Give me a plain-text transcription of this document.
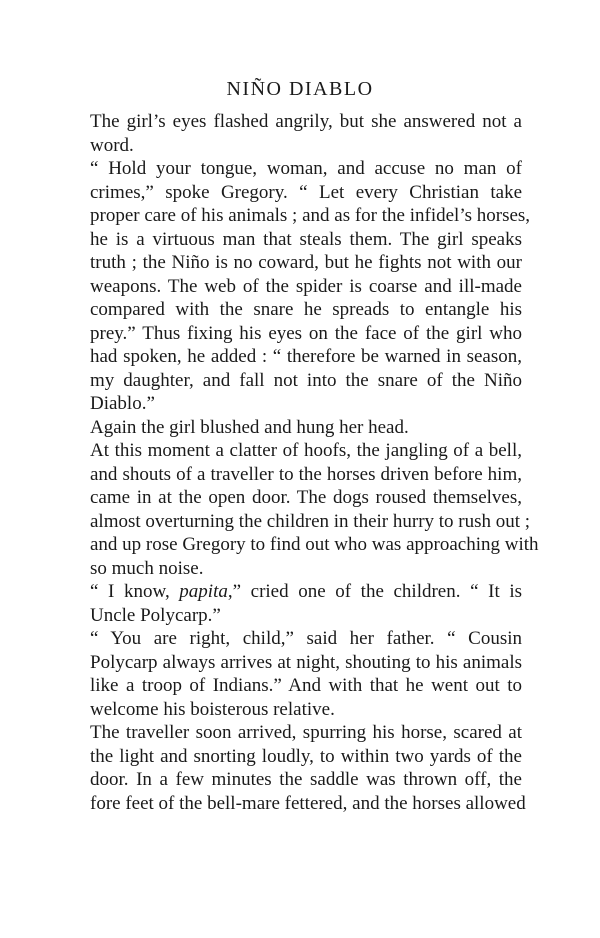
NIÑO DIABLO

The girl’s eyes flashed angrily, but she answered not a
word.

“ Hold your tongue, woman, and accuse no man of
crimes,” spoke Gregory. “ Let every Christian take
proper care of his animals ; and as for the infidel’s horses,
he is a virtuous man that steals them. The girl speaks
truth ; the Niño is no coward, but he fights not with our
weapons. The web of the spider is coarse and ill-made
compared with the snare he spreads to entangle his
prey.” Thus fixing his eyes on the face of the girl who
had spoken, he added : “ therefore be warned in season,
my daughter, and fall not into the snare of the Niño
Diablo.”

Again the girl blushed and hung her head.

At this moment a clatter of hoofs, the jangling of a bell,
and shouts of a traveller to the horses driven before him,
came in at the open door. The dogs roused themselves,
almost overturning the children in their hurry to rush out ;
and up rose Gregory to find out who was approaching with
so much noise.

“ I know, papita,” cried one of the children. “ It is
Uncle Polycarp.”

“ You are right, child,” said her father. “ Cousin
Polycarp always arrives at night, shouting to his animals
like a troop of Indians.” And with that he went out to
welcome his boisterous relative.

The traveller soon arrived, spurring his horse, scared at
the light and snorting loudly, to within two yards of the
door. In a few minutes the saddle was thrown off, the
fore feet of the bell-mare fettered, and the horses allowed
